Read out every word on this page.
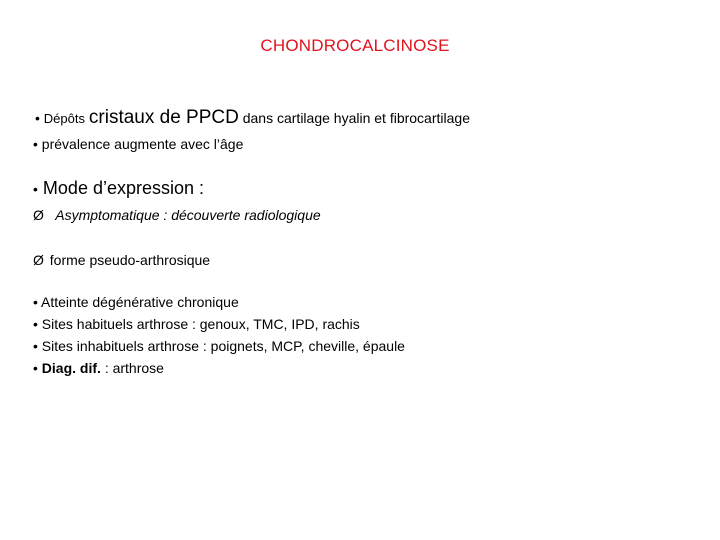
CHONDROCALCINOSE
• Dépôts cristaux de PPCD dans cartilage hyalin et fibrocartilage
• prévalence augmente avec l’âge
• Mode d’expression :
Ø Asymptomatique : découverte radiologique
Ø forme pseudo-arthrosique
• Atteinte dégénérative chronique
• Sites habituels arthrose : genoux, TMC, IPD, rachis
• Sites inhabituels arthrose : poignets, MCP, cheville, épaule
• Diag. dif. : arthrose
